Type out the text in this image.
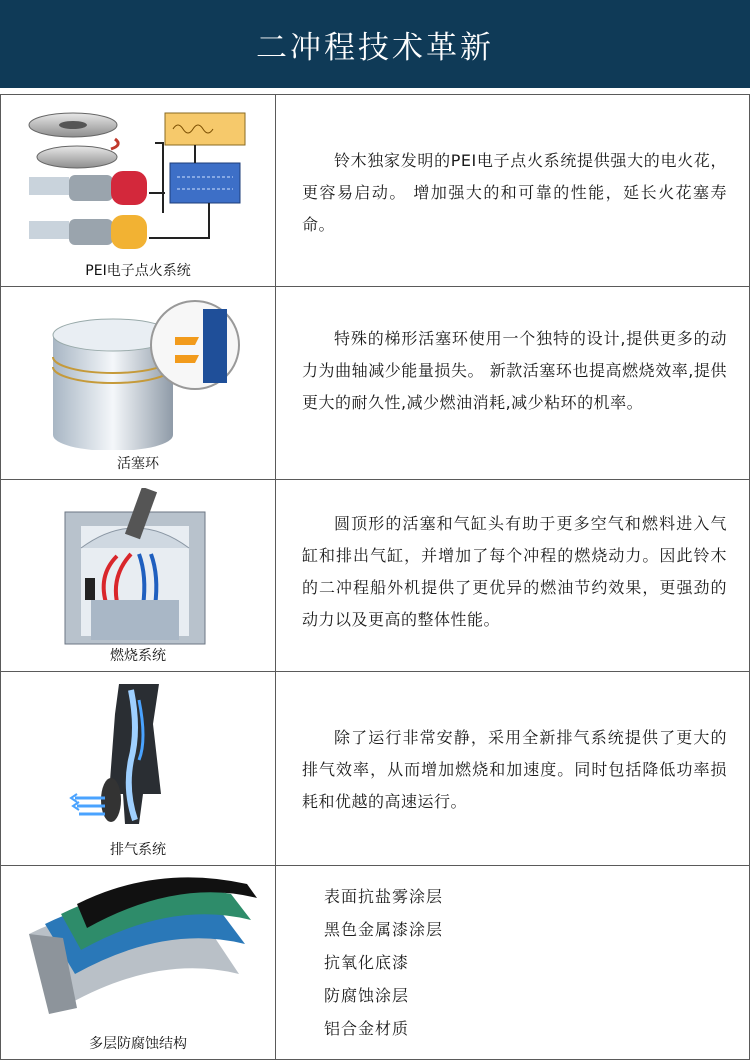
二冲程技术革新
PEI电子点火系统
铃木独家发明的PEI电子点火系统提供强大的电火花，更容易启动。 增加强大的和可靠的性能，延长火花塞寿命。
活塞环
特殊的梯形活塞环使用一个独特的设计,提供更多的动力为曲轴减少能量损失。 新款活塞环也提高燃烧效率,提供更大的耐久性,减少燃油消耗,减少粘环的机率。
燃烧系统
圆顶形的活塞和气缸头有助于更多空气和燃料进入气缸和排出气缸，并增加了每个冲程的燃烧动力。因此铃木的二冲程船外机提供了更优异的燃油节约效果，更强劲的动力以及更高的整体性能。
排气系统
除了运行非常安静，采用全新排气系统提供了更大的排气效率，从而增加燃烧和加速度。同时包括降低功率损耗和优越的高速运行。
多层防腐蚀结构
表面抗盐雾涂层
黑色金属漆涂层
抗氧化底漆
防腐蚀涂层
铝合金材质
